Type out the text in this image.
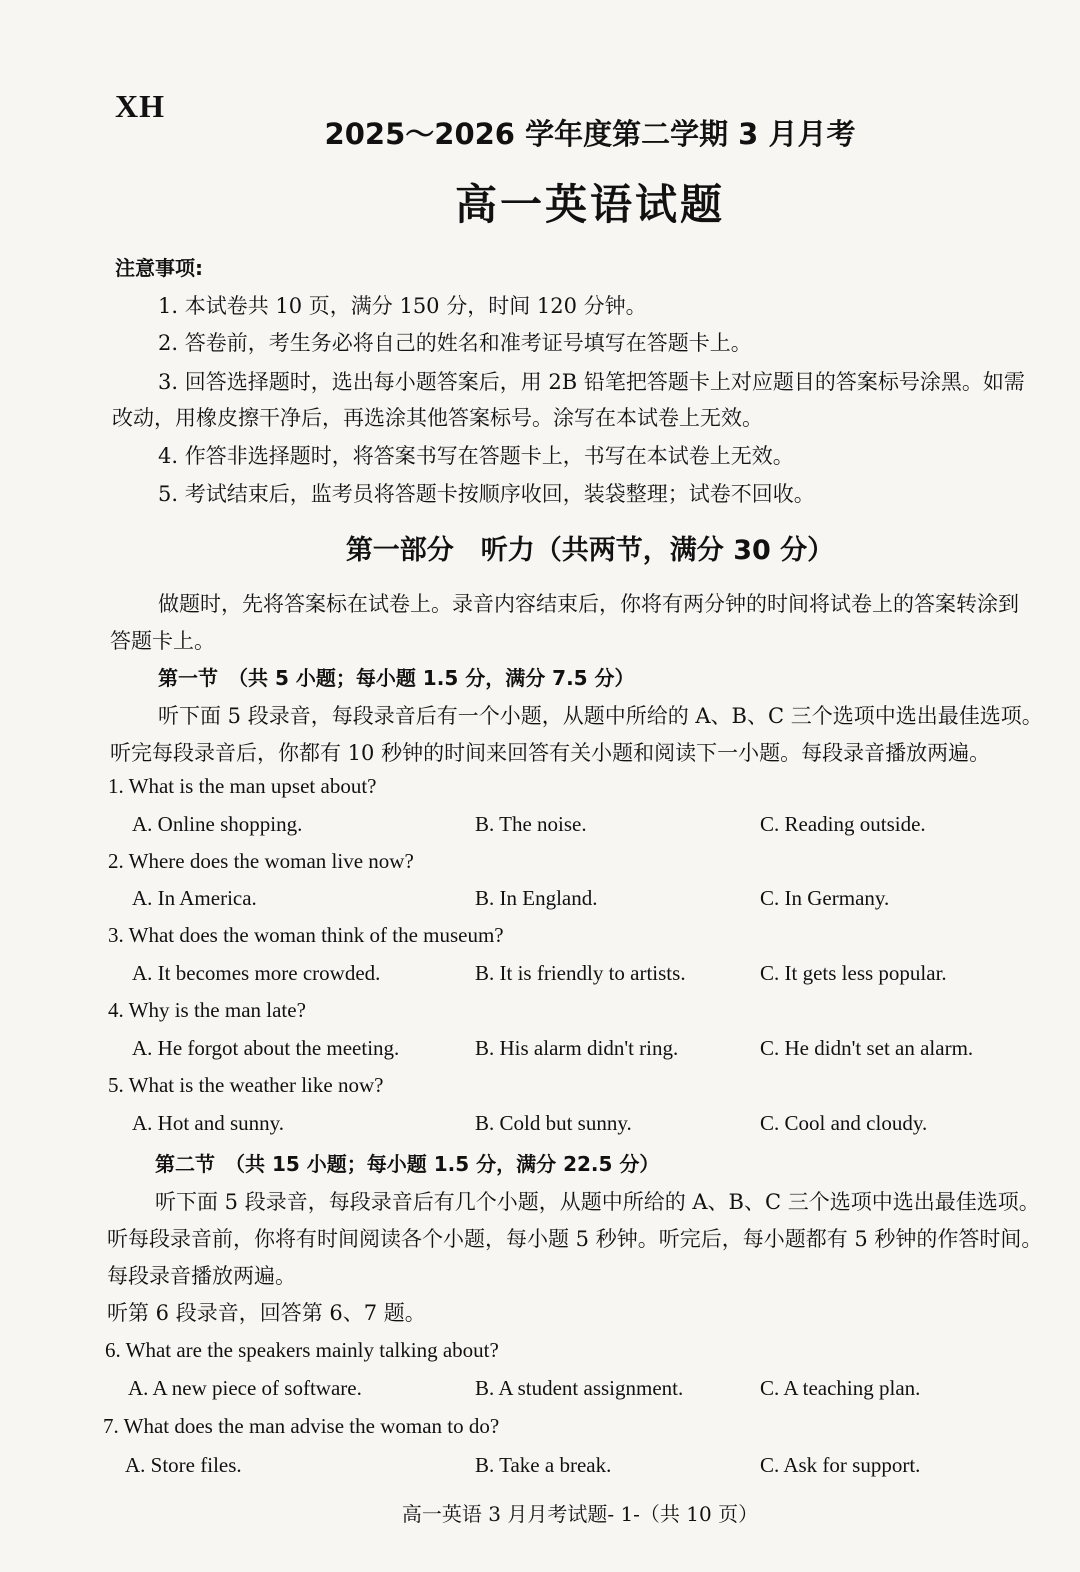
XH
2025～2026 学年度第二学期 3 月月考
高一英语试题
注意事项:
1. 本试卷共 10 页，满分 150 分，时间 120 分钟。
2. 答卷前，考生务必将自己的姓名和准考证号填写在答题卡上。
3. 回答选择题时，选出每小题答案后，用 2B 铅笔把答题卡上对应题目的答案标号涂黑。如需
改动，用橡皮擦干净后，再选涂其他答案标号。涂写在本试卷上无效。
4. 作答非选择题时，将答案书写在答题卡上，书写在本试卷上无效。
5. 考试结束后，监考员将答题卡按顺序收回，装袋整理；试卷不回收。
第一部分　听力（共两节，满分 30 分）
做题时，先将答案标在试卷上。录音内容结束后，你将有两分钟的时间将试卷上的答案转涂到
答题卡上。
第一节　（共 5 小题；每小题 1.5 分，满分 7.5 分）
听下面 5 段录音，每段录音后有一个小题，从题中所给的 A、B、C 三个选项中选出最佳选项。
听完每段录音后，你都有 10 秒钟的时间来回答有关小题和阅读下一小题。每段录音播放两遍。
1. What is the man upset about?
A. Online shopping.	B. The noise.	C. Reading outside.
2. Where does the woman live now?
A. In America.	B. In England.	C. In Germany.
3. What does the woman think of the museum?
A. It becomes more crowded.	B. It is friendly to artists.	C. It gets less popular.
4. Why is the man late?
A. He forgot about the meeting.	B. His alarm didn't ring.	C. He didn't set an alarm.
5. What is the weather like now?
A. Hot and sunny.	B. Cold but sunny.	C. Cool and cloudy.
第二节　（共 15 小题；每小题 1.5 分，满分 22.5 分）
听下面 5 段录音，每段录音后有几个小题，从题中所给的 A、B、C 三个选项中选出最佳选项。
听每段录音前，你将有时间阅读各个小题，每小题 5 秒钟。听完后，每小题都有 5 秒钟的作答时间。
每段录音播放两遍。
听第 6 段录音，回答第 6、7 题。
6. What are the speakers mainly talking about?
A. A new piece of software.	B. A student assignment.	C. A teaching plan.
7. What does the man advise the woman to do?
A. Store files.	B. Take a break.	C. Ask for support.
高一英语 3 月月考试题- 1-（共 10 页）
